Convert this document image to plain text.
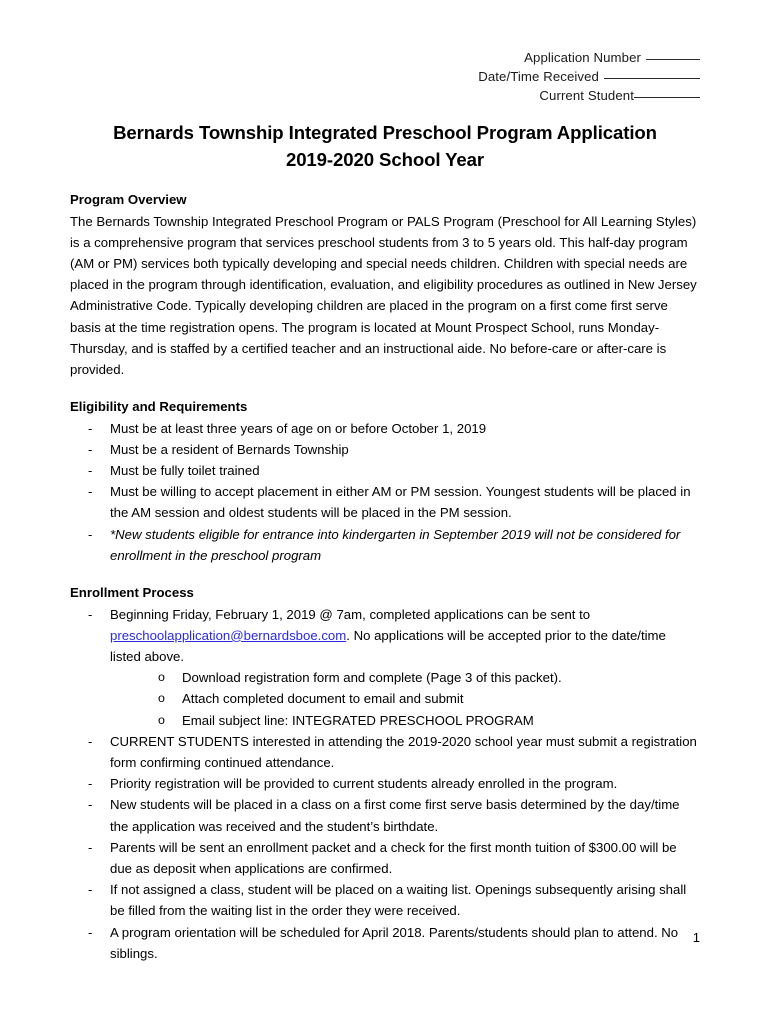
Application Number
Date/Time Received
Current Student
Bernards Township Integrated Preschool Program Application
2019-2020 School Year
Program Overview
The Bernards Township Integrated Preschool Program or PALS Program (Preschool for All Learning Styles) is a comprehensive program that services preschool students from 3 to 5 years old. This half-day program (AM or PM) services both typically developing and special needs children. Children with special needs are placed in the program through identification, evaluation, and eligibility procedures as outlined in New Jersey Administrative Code. Typically developing children are placed in the program on a first come first serve basis at the time registration opens. The program is located at Mount Prospect School, runs Monday-Thursday, and is staffed by a certified teacher and an instructional aide. No before-care or after-care is provided.
Eligibility and Requirements
-	Must be at least three years of age on or before October 1, 2019
-	Must be a resident of Bernards Township
-	Must be fully toilet trained
-	Must be willing to accept placement in either AM or PM session. Youngest students will be placed in the AM session and oldest students will be placed in the PM session.
-	*New students eligible for entrance into kindergarten in September 2019 will not be considered for enrollment in the preschool program
Enrollment Process
-	Beginning Friday, February 1, 2019 @ 7am, completed applications can be sent to preschoolapplication@bernardsboe.com. No applications will be accepted prior to the date/time listed above.
o	Download registration form and complete (Page 3 of this packet).
o	Attach completed document to email and submit
o	Email subject line: INTEGRATED PRESCHOOL PROGRAM
-	CURRENT STUDENTS interested in attending the 2019-2020 school year must submit a registration form confirming continued attendance.
-	Priority registration will be provided to current students already enrolled in the program.
-	New students will be placed in a class on a first come first serve basis determined by the day/time the application was received and the student’s birthdate.
-	Parents will be sent an enrollment packet and a check for the first month tuition of $300.00 will be due as deposit when applications are confirmed.
-	If not assigned a class, student will be placed on a waiting list. Openings subsequently arising shall be filled from the waiting list in the order they were received.
-	A program orientation will be scheduled for April 2018. Parents/students should plan to attend. No siblings.
1
